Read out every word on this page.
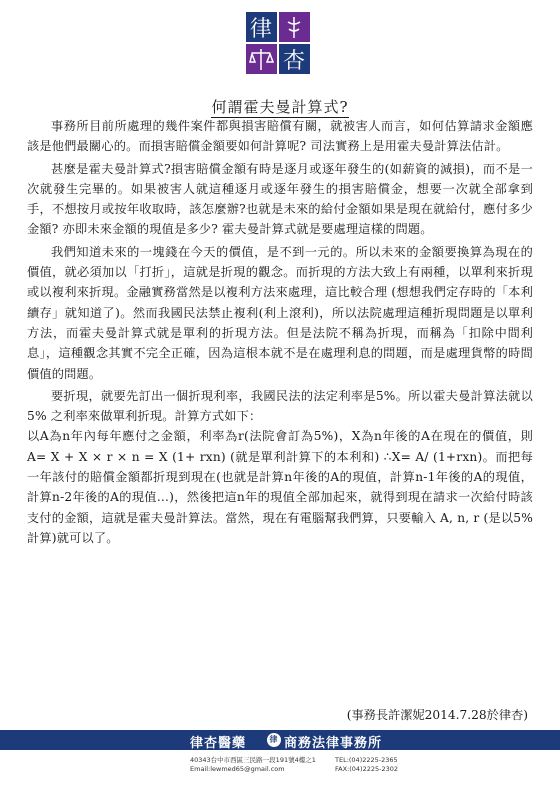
律
杏
何謂霍夫曼計算式?

事務所目前所處理的幾件案件都與損害賠償有關，就被害人而言，如何估算請求金額應該是他們最關心的。而損害賠償金額要如何計算呢? 司法實務上是用霍夫曼計算法估計。

甚麼是霍夫曼計算式?損害賠償金額有時是逐月或逐年發生的(如薪資的減損)，而不是一次就發生完畢的。如果被害人就這種逐月或逐年發生的損害賠償金，想要一次就全部拿到手，不想按月或按年收取時，該怎麼辦?也就是未來的給付金額如果是現在就給付，應付多少金額? 亦即未來金額的現值是多少? 霍夫曼計算式就是要處理這樣的問題。

我們知道未來的一塊錢在今天的價值，是不到一元的。所以未來的金額要換算為現在的價值，就必須加以「打折」，這就是折現的觀念。而折現的方法大致上有兩種，以單利來折現或以複利來折現。金融實務當然是以複利方法來處理，這比較合理 (想想我們定存時的「本利續存」就知道了)。然而我國民法禁止複利(利上滾利)，所以法院處理這種折現問題是以單利方法，而霍夫曼計算式就是單利的折現方法。但是法院不稱為折現，而稱為「扣除中間利息」，這種觀念其實不完全正確，因為這根本就不是在處理利息的問題，而是處理貨幣的時間價值的問題。

要折現，就要先訂出一個折現利率，我國民法的法定利率是5%。所以霍夫曼計算法就以5% 之利率來做單利折現。計算方式如下：

以A為n年內每年應付之金額，利率為r(法院會訂為5%)，X為n年後的A在現在的價值，則A= X + X × r × n = X (1+ rxn) (就是單利計算下的本利和) ∴X= A/ (1+rxn)。而把每一年該付的賠償金額都折現到現在(也就是計算n年後的A的現值，計算n-1年後的A的現值，計算n-2年後的A的現值…)，然後把這n年的現值全部加起來，就得到現在請求一次給付時該支付的金額，這就是霍夫曼計算法。當然，現在有電腦幫我們算，只要輸入 A, n, r (是以5%計算)就可以了。

(事務長許潔妮2014.7.28於律杏)
律杏醫藥	律 商務法律事務所
40343台中市西區三民路一段191號4樓之1
Email:lewmed65@gmail.com
TEL:(04)2225-2365
FAX:(04)2225-2302
